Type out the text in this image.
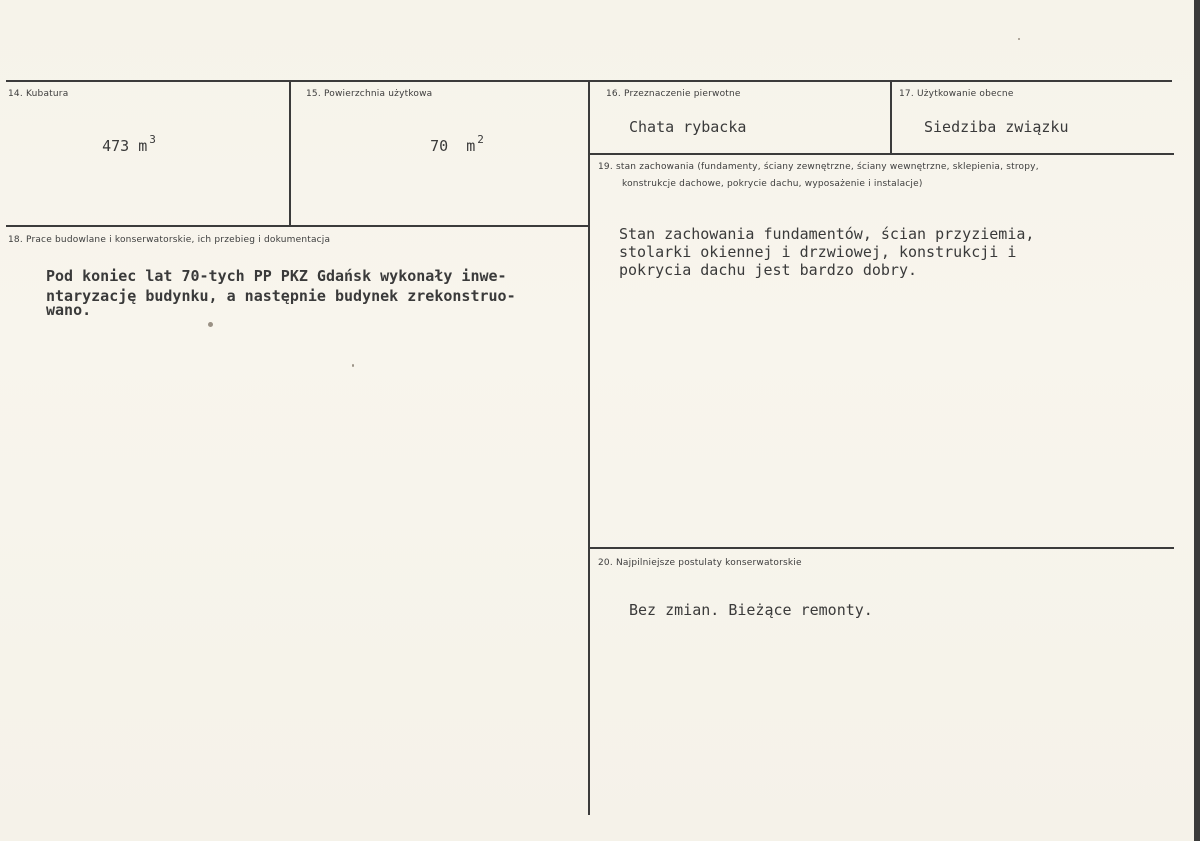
14. Kubatura

473 m $^3$

15. Powierzchnia użytkowa

70  m $^2$

16. Przeznaczenie pierwotne
Chata rybacka
17. Użytkowanie obecne
Siedziba związku
18. Prace budowlane i konserwatorskie, ich przebieg i dokumentacja
Pod koniec lat 70-tych PP PKZ Gdańsk wykonały inwe-
ntaryzację budynku, a następnie budynek zrekonstruo-
wano.
19. stan zachowania (fundamenty, ściany zewnętrzne, ściany wewnętrzne, sklepienia, stropy,
konstrukcje dachowe, pokrycie dachu, wyposażenie i instalacje)
Stan zachowania fundamentów, ścian przyziemia,
stolarki okiennej i drzwiowej, konstrukcji i
pokrycia dachu jest bardzo dobry.
20. Najpilniejsze postulaty konserwatorskie
Bez zmian. Bieżące remonty.
